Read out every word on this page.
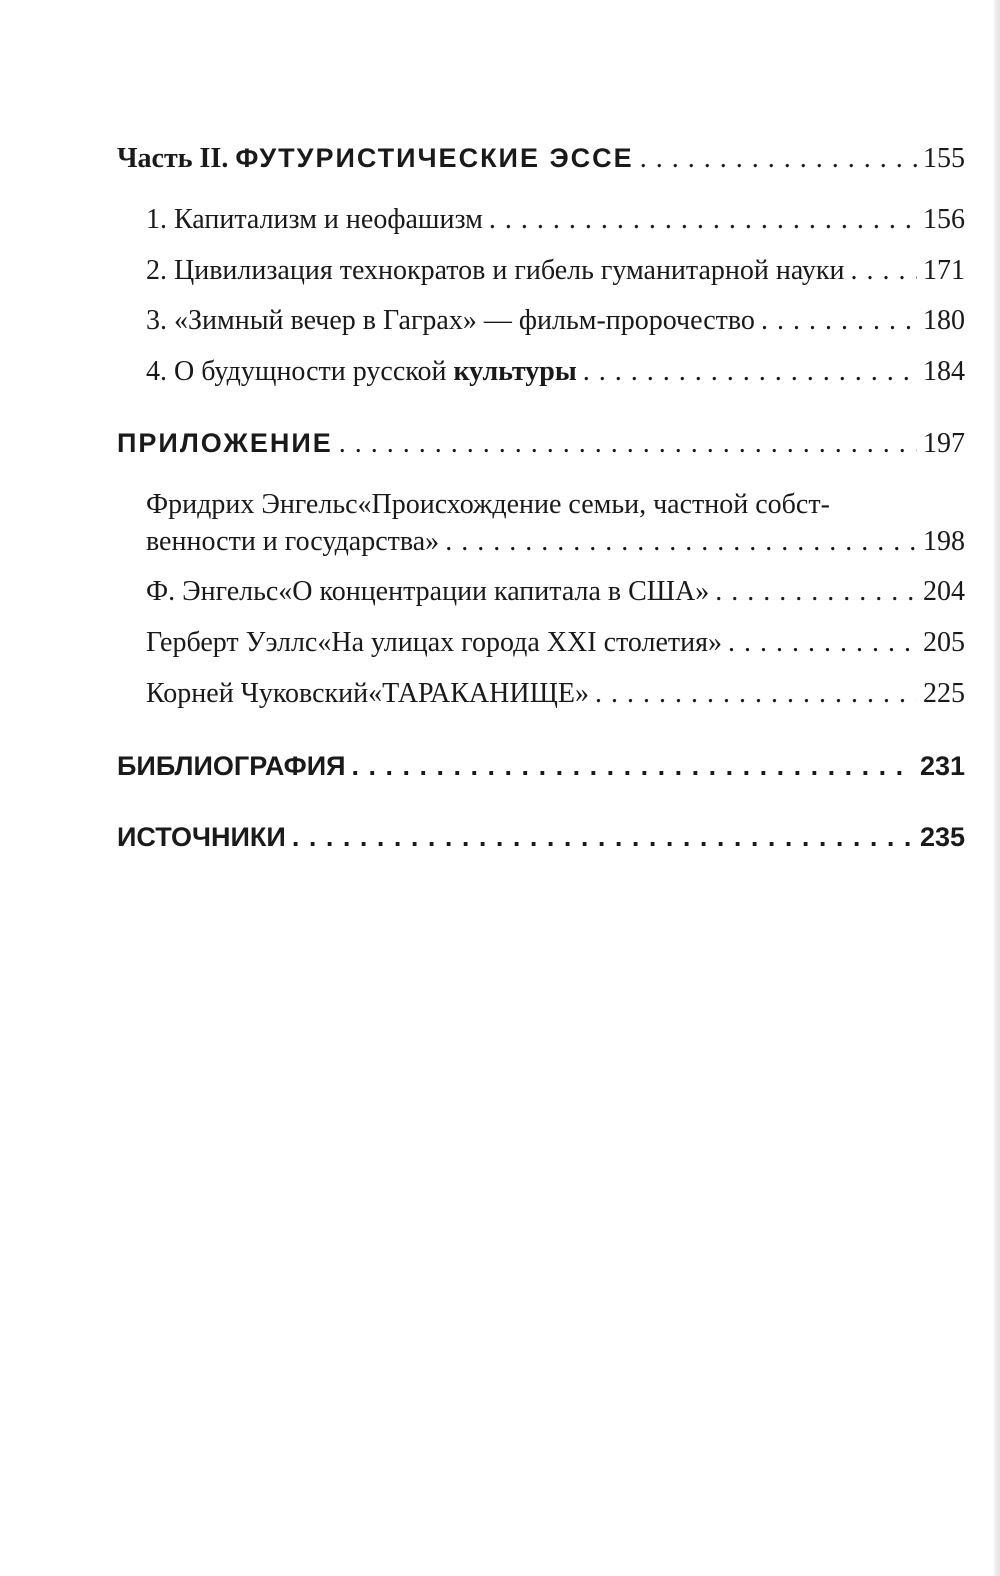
Часть II. ФУТУРИСТИЧЕСКИЕ ЭССЕ . . .	155
1. Капитализм и неофашизм . . .	156
2. Цивилизация технократов и гибель гуманитарной науки . . .	171
3. «Зимный вечер в Гаграх» — фильм-пророчество . . .	180
4. О будущности русской культуры . . .	184
ПРИЛОЖЕНИЕ . . .	197
Фридрих Энгельс«Происхождение семьи, частной собст-
венности и государства» . . .	198
Ф. Энгельс«О концентрации капитала в США» . . .	204
Герберт Уэллс«На улицах города XXI столетия» . . .	205
Корней Чуковский«ТАРАКАНИЩЕ» . . .	225
БИБЛИОГРАФИЯ . . .	231
ИСТОЧНИКИ . . .	235
